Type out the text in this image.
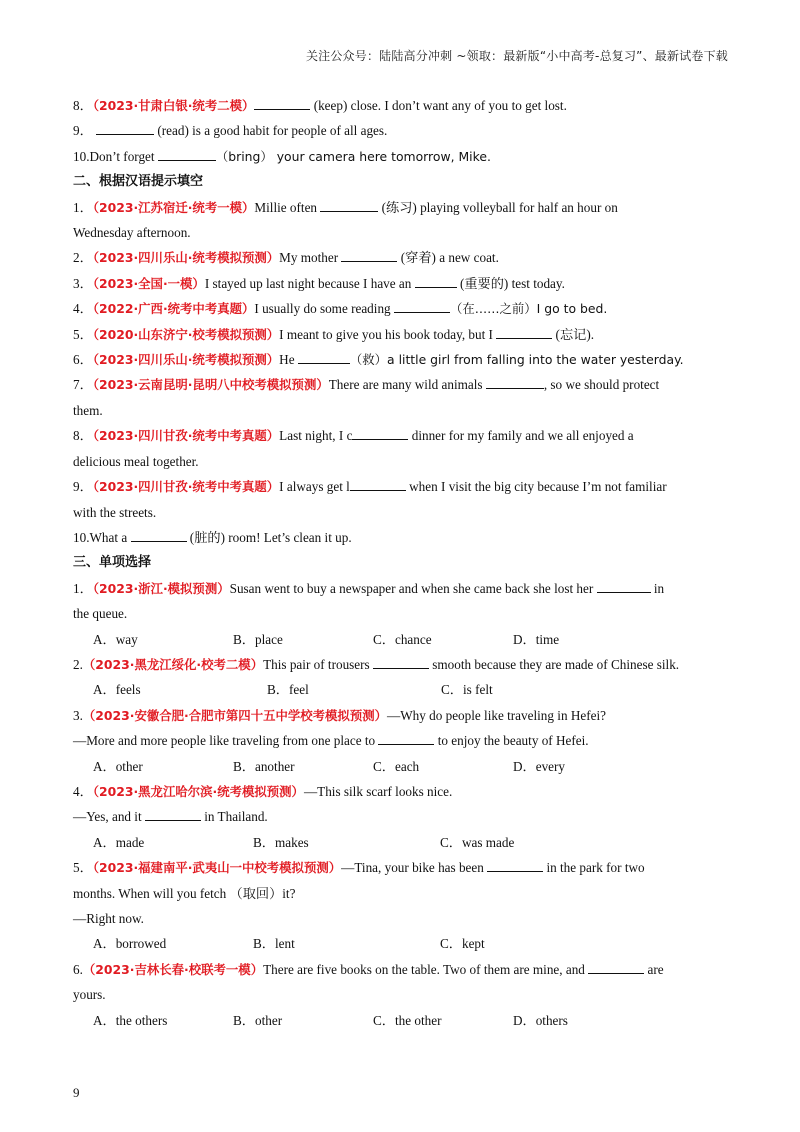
关注公众号：陆陆高分冲刺 ~领取：最新版“小中高考-总复习”、最新试卷下载
8．（2023·甘肃白银·统考二模）	(keep) close. I don’t want any of you to get lost.
9．	(read) is a good habit for people of all ages.
10.Don’t forget	（bring） your camera here tomorrow, Mike.
二、根据汉语提示填空
1．（2023·江苏宿迁·统考一模）Millie often	(练习) playing volleyball for half an hour on
Wednesday afternoon.
2．（2023·四川乐山·统考模拟预测）My mother	(穿着) a new coat.
3．（2023·全国·一模）I stayed up last night because I have an	(重要的) test today.
4．（2022·广西·统考中考真题）I usually do some reading	（在……之前）I go to bed.
5．（2020·山东济宁·校考模拟预测）I meant to give you his book today, but I	(忘记).
6．（2023·四川乐山·统考模拟预测）He	（救）a little girl from falling into the water yesterday.
7．（2023·云南昆明·昆明八中校考模拟预测）There are many wild animals	, so we should protect
them.
8．（2023·四川甘孜·统考中考真题）Last night, I c	dinner for my family and we all enjoyed a
delicious meal together.
9．（2023·四川甘孜·统考中考真题）I always get l	when I visit the big city because I’m not familiar
with the streets.
10.What a	(脏的) room! Let’s clean it up.
三、单项选择
1．（2023·浙江·模拟预测）Susan went to buy a newspaper and when she came back she lost her	in
the queue.
A．way	B．place	C．chance	D．time
2.（2023·黑龙江绥化·校考二模）This pair of trousers	smooth because they are made of Chinese silk.
A．feels	B．feel	C．is felt
3.（2023·安徽合肥·合肥市第四十五中学校考模拟预测）—Why do people like traveling in Hefei?
—More and more people like traveling from one place to	to enjoy the beauty of Hefei.
A．other	B．another	C．each	D．every
4．（2023·黑龙江哈尔滨·统考模拟预测）—This silk scarf looks nice.
—Yes, and it	in Thailand.
A．made	B．makes	C．was made
5．（2023·福建南平·武夷山一中校考模拟预测）—Tina, your bike has been	in the park for two
months. When will you fetch （取回）it?
—Right now.
A．borrowed	B．lent	C．kept
6.（2023·吉林长春·校联考一模）There are five books on the table. Two of them are mine, and	are
yours.
A．the others	B．other	C．the other	D．others
9
